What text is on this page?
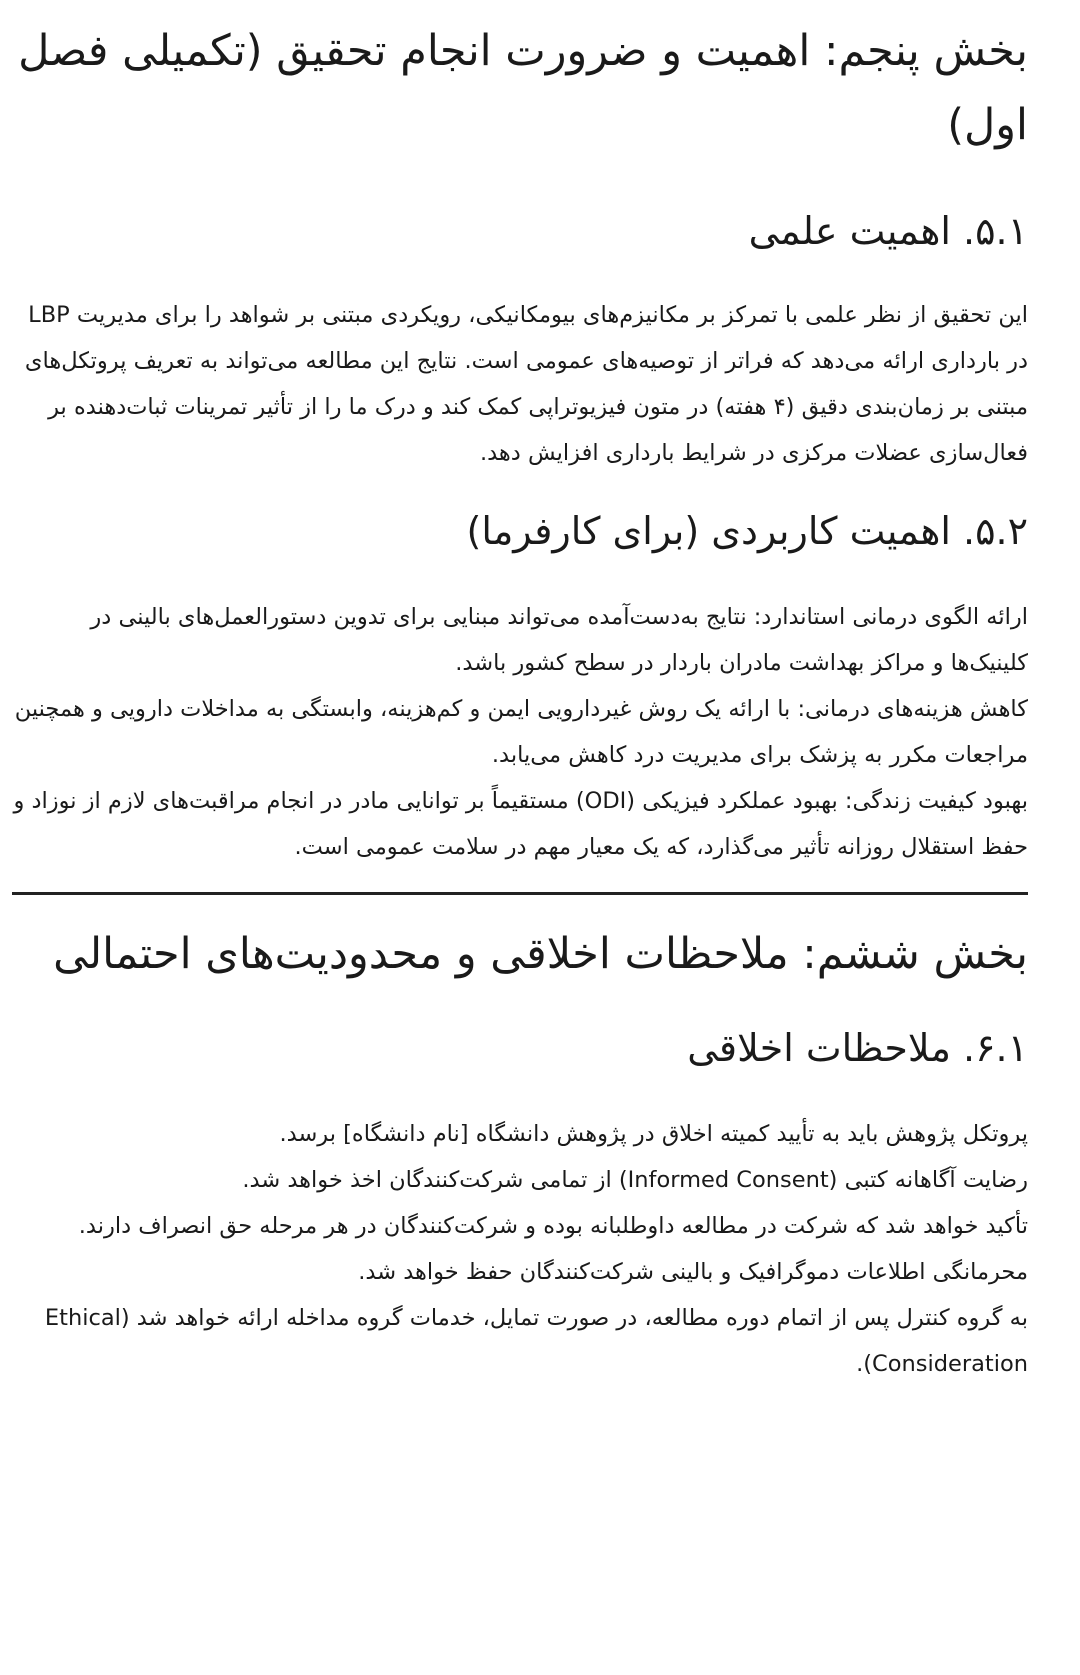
بخش پنجم: اهمیت و ضرورت انجام تحقیق (تکمیلی فصل اول)
۵.۱. اهمیت علمی

این تحقیق از نظر علمی با تمرکز بر مکانیزم‌های بیومکانیکی، رویکردی مبتنی بر شواهد را برای مدیریت LBP در بارداری ارائه می‌دهد که فراتر از توصیه‌های عمومی است. نتایج این مطالعه می‌تواند به تعریف پروتکل‌های مبتنی بر زمان‌بندی دقیق (۴ هفته) در متون فیزیوتراپی کمک کند و درک ما را از تأثیر تمرینات ثبات‌دهنده بر فعال‌سازی عضلات مرکزی در شرایط بارداری افزایش دهد.

۵.۲. اهمیت کاربردی (برای کارفرما)

ارائه الگوی درمانی استاندارد: نتایج به‌دست‌آمده می‌تواند مبنایی برای تدوین دستورالعمل‌های بالینی در کلینیک‌ها و مراکز بهداشت مادران باردار در سطح کشور باشد.

کاهش هزینه‌های درمانی: با ارائه یک روش غیردارویی ایمن و کم‌هزینه، وابستگی به مداخلات دارویی و همچنین مراجعات مکرر به پزشک برای مدیریت درد کاهش می‌یابد.

بهبود کیفیت زندگی: بهبود عملکرد فیزیکی (ODI) مستقیماً بر توانایی مادر در انجام مراقبت‌های لازم از نوزاد و حفظ استقلال روزانه تأثیر می‌گذارد، که یک معیار مهم در سلامت عمومی است.

بخش ششم: ملاحظات اخلاقی و محدودیت‌های احتمالی
۶.۱. ملاحظات اخلاقی

پروتکل پژوهش باید به تأیید کمیته اخلاق در پژوهش دانشگاه [نام دانشگاه] برسد.

رضایت آگاهانه کتبی (Informed Consent) از تمامی شرکت‌کنندگان اخذ خواهد شد.

تأکید خواهد شد که شرکت در مطالعه داوطلبانه بوده و شرکت‌کنندگان در هر مرحله حق انصراف دارند.

محرمانگی اطلاعات دموگرافیک و بالینی شرکت‌کنندگان حفظ خواهد شد.

به گروه کنترل پس از اتمام دوره مطالعه، در صورت تمایل، خدمات گروه مداخله ارائه خواهد شد (Ethical Consideration).
